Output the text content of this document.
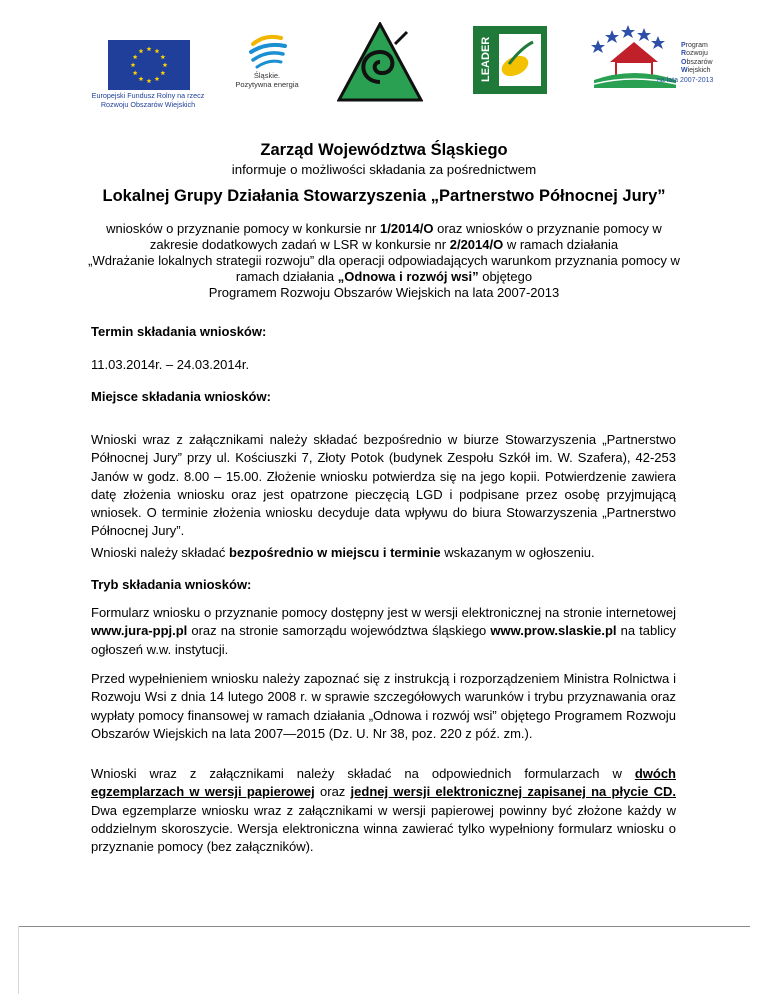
Europejski Fundusz Rolny na rzecz
Rozwoju Obszarów Wiejskich
Śląskie.
Pozytywna energia
LEADER	Program
Rozwoju
Obszarów
Wiejskich
na lata 2007-2013
Zarząd Województwa Śląskiego
informuje o możliwości składania za pośrednictwem
Lokalnej Grupy Działania Stowarzyszenia „Partnerstwo Północnej Jury”
wniosków o przyznanie pomocy w konkursie nr 1/2014/O oraz wniosków o przyznanie pomocy w
zakresie dodatkowych zadań w LSR w konkursie nr 2/2014/O w ramach działania
„Wdrażanie lokalnych strategii rozwoju” dla operacji odpowiadających warunkom przyznania pomocy w
ramach działania „Odnowa i rozwój wsi” objętego
Programem Rozwoju Obszarów Wiejskich na lata 2007-2013
Termin składania wniosków:
11.03.2014r. – 24.03.2014r.
Miejsce składania wniosków:
Wnioski wraz z załącznikami należy składać bezpośrednio w biurze Stowarzyszenia „Partnerstwo Północnej Jury” przy ul. Kościuszki 7, Złoty Potok (budynek Zespołu Szkół im. W. Szafera), 42-253 Janów w godz. 8.00 – 15.00. Złożenie wniosku potwierdza się na jego kopii. Potwierdzenie zawiera datę złożenia wniosku oraz jest opatrzone pieczęcią LGD i podpisane przez osobę przyjmującą wniosek. O terminie złożenia wniosku decyduje data wpływu do biura Stowarzyszenia „Partnerstwo Północnej Jury”.
Wnioski należy składać bezpośrednio w miejscu i terminie wskazanym w ogłoszeniu.
Tryb składania wniosków:
Formularz wniosku o przyznanie pomocy dostępny jest w wersji elektronicznej na stronie internetowej www.jura-ppj.pl oraz na stronie samorządu województwa śląskiego www.prow.slaskie.pl na tablicy ogłoszeń w.w. instytucji.
Przed wypełnieniem wniosku należy zapoznać się z instrukcją i rozporządzeniem Ministra Rolnictwa i Rozwoju Wsi z dnia 14 lutego 2008 r. w sprawie szczegółowych warunków i trybu przyznawania oraz wypłaty pomocy finansowej w ramach działania „Odnowa i rozwój wsi” objętego Programem Rozwoju Obszarów Wiejskich na lata 2007—2015 (Dz. U. Nr 38, poz. 220 z póź. zm.).
Wnioski wraz z załącznikami należy składać na odpowiednich formularzach w dwóch egzemplarzach w wersji papierowej oraz jednej wersji elektronicznej zapisanej na płycie CD. Dwa egzemplarze wniosku wraz z załącznikami w wersji papierowej powinny być złożone każdy w oddzielnym skoroszycie. Wersja elektroniczna winna zawierać tylko wypełniony formularz wniosku o przyznanie pomocy (bez załączników).
